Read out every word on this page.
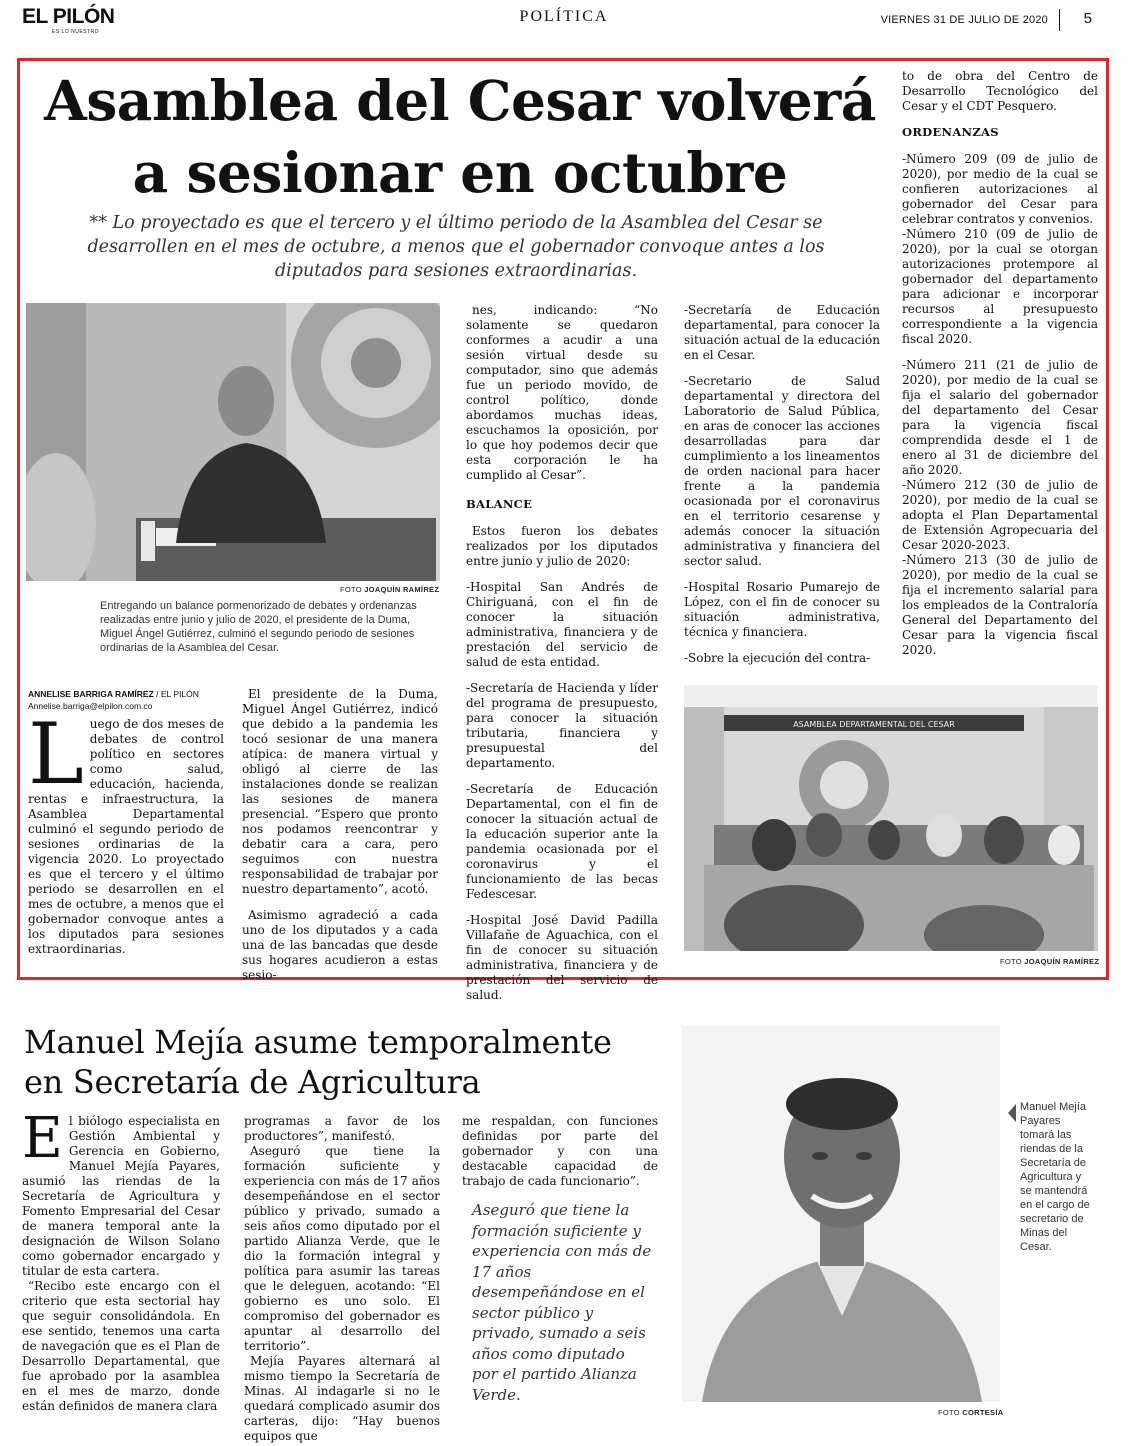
EL PILÓN
ES LO NUESTRO
POLÍTICA	VIERNES 31 DE JULIO DE 2020 5
Asamblea del Cesar volverá
a sesionar en octubre
** Lo proyectado es que el tercero y el último periodo de la Asamblea del Cesar se desarrollen en el mes de octubre, a menos que el gobernador convoque antes a los diputados para sesiones extraordinarias.
FOTO JOAQUÍN RAMÍREZ
Entregando un balance pormenorizado de debates y ordenanzas realizadas entre junio y julio de 2020, el presidente de la Duma, Miguel Ángel Gutiérrez, culminó el segundo periodo de sesiones ordinarias de la Asamblea del Cesar.
ANNELISE BARRIGA RAMÍREZ / EL PILÓN
Annelise.barriga@elpilon.com.co

Luego de dos meses de debates de control político en sectores como salud, educación, hacienda, rentas e infraestructura, la Asamblea Departamental culminó el segundo periodo de sesiones ordinarias de la vigencia 2020. Lo proyectado es que el tercero y el último periodo se desarrollen en el mes de octubre, a menos que el gobernador convoque antes a los diputados para sesiones extraordinarias.

El presidente de la Duma, Miguel Ángel Gutiérrez, indicó que debido a la pandemia les tocó sesionar de una manera atípica: de manera virtual y obligó al cierre de las instalaciones donde se realizan las sesiones de manera presencial. “Espero que pronto nos podamos reencontrar y debatir cara a cara, pero seguimos con nuestra responsabilidad de trabajar por nuestro departamento”, acotó.

Asimismo agradeció a cada uno de los diputados y a cada una de las bancadas que desde sus hogares acudieron a estas sesio-

nes, indicando: “No solamente se quedaron conformes a acudir a una sesión virtual desde su computador, sino que además fue un periodo movido, de control político, donde abordamos muchas ideas, escuchamos la oposición, por lo que hoy podemos decir que esta corporación le ha cumplido al Cesar”.

BALANCE

Estos fueron los debates realizados por los diputados entre junio y julio de 2020:

-Hospital San Andrés de Chiriguaná, con el fin de conocer la situación administrativa, financiera y de prestación del servicio de salud de esta entidad.

-Secretaría de Hacienda y líder del programa de presupuesto, para conocer la situación tributaria, financiera y presupuestal del departamento.

-Secretaría de Educación Departamental, con el fin de conocer la situación actual de la educación superior ante la pandemia ocasionada por el coronavirus y el funcionamiento de las becas Fedescesar.

-Hospital José David Padilla Villafañe de Aguachica, con el fin de conocer su situación administrativa, financiera y de prestación del servicio de salud.

-Secretaría de Educación departamental, para conocer la situación actual de la educación en el Cesar.

-Secretario de Salud departamental y directora del Laboratorio de Salud Pública, en aras de conocer las acciones desarrolladas para dar cumplimiento a los lineamentos de orden nacional para hacer frente a la pandemia ocasionada por el coronavirus en el territorio cesarense y además conocer la situación administrativa y financiera del sector salud.

-Hospital Rosario Pumarejo de López, con el fin de conocer su situación administrativa, técnica y financiera.

-Sobre la ejecución del contra-

to de obra del Centro de Desarrollo Tecnológico del Cesar y el CDT Pesquero.

ORDENANZAS

-Número 209 (09 de julio de 2020), por medio de la cual se confieren autorizaciones al gobernador del Cesar para celebrar contratos y convenios.

-Número 210 (09 de julio de 2020), por la cual se otorgan autorizaciones protempore al gobernador del departamento para adicionar e incorporar recursos al presupuesto correspondiente a la vigencia fiscal 2020.

-Número 211 (21 de julio de 2020), por medio de la cual se fija el salario del gobernador del departamento del Cesar para la vigencia fiscal comprendida desde el 1 de enero al 31 de diciembre del año 2020.

-Número 212 (30 de julio de 2020), por medio de la cual se adopta el Plan Departamental de Extensión Agropecuaria del Cesar 2020-2023.

-Número 213 (30 de julio de 2020), por medio de la cual se fija el incremento salarial para los empleados de la Contraloría General del Departamento del Cesar para la vigencia fiscal 2020.

ASAMBLEA DEPARTAMENTAL DEL CESAR
FOTO JOAQUÍN RAMÍREZ
Manuel Mejía asume temporalmente
en Secretaría de Agricultura

El biólogo especialista en Gestión Ambiental y Gerencia en Gobierno, Manuel Mejía Payares, asumió las riendas de la Secretaría de Agricultura y Fomento Empresarial del Cesar de manera temporal ante la designación de Wilson Solano como gobernador encargado y titular de esta cartera.

“Recibo este encargo con el criterio que esta sectorial hay que seguir consolidándola. En ese sentido, tenemos una carta de navegación que es el Plan de Desarrollo Departamental, que fue aprobado por la asamblea en el mes de marzo, donde están definidos de manera clara

programas a favor de los productores”, manifestó.

Aseguró que tiene la formación suficiente y experiencia con más de 17 años desempeñándose en el sector público y privado, sumado a seis años como diputado por el partido Alianza Verde, que le dio la formación integral y política para asumir las tareas que le deleguen, acotando: “El gobierno es uno solo. El compromiso del gobernador es apuntar al desarrollo del territorio”.

Mejía Payares alternará al mismo tiempo la Secretaría de Minas. Al indagarle si no le quedará complicado asumir dos carteras, dijo: “Hay buenos equipos que

me respaldan, con funciones definidas por parte del gobernador y con una destacable capacidad de trabajo de cada funcionario”.

Aseguró que tiene la formación suficiente y experiencia con más de 17 años desempeñándose en el sector público y privado, sumado a seis años como diputado por el partido Alianza Verde.
Manuel Mejía Payares tomará las riendas de la Secretaría de Agricultura y se mantendrá en el cargo de secretario de Minas del Cesar.
FOTO CORTESÍA
